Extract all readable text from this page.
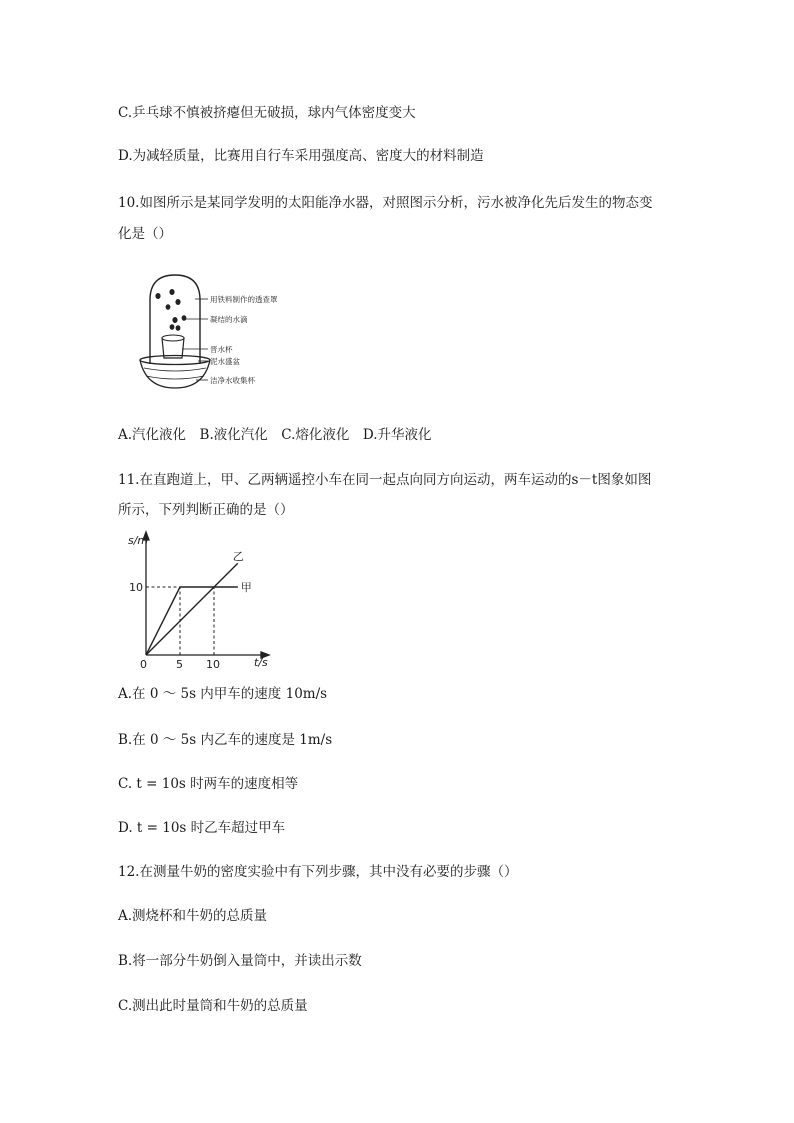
C.乒乓球不慎被挤瘪但无破损，球内气体密度变大
D.为减轻质量，比赛用自行车采用强度高、密度大的材料制造
10.如图所示是某同学发明的太阳能净水器，对照图示分析，污水被净化先后发生的物态变
化是（）
用铁料制作的透查罩
凝结的水滴
晋水杯
泥水盛盆
洁净水收集杯
A.汽化液化　B.液化汽化　C.熔化液化　D.升华液化
11.在直跑道上，甲、乙两辆遥控小车在同一起点向同方向运动，两车运动的s－t图象如图
所示，下列判断正确的是（）
s/m
t/s
0	5 10
10	甲
乙
A.在 0 ～ 5s 内甲车的速度 10m/s
B.在 0 ～ 5s 内乙车的速度是 1m/s
C. t = 10s 时两车的速度相等
D. t = 10s 时乙车超过甲车
12.在测量牛奶的密度实验中有下列步骤，其中没有必要的步骤（）
A.测烧杯和牛奶的总质量
B.将一部分牛奶倒入量筒中，并读出示数
C.测出此时量筒和牛奶的总质量
